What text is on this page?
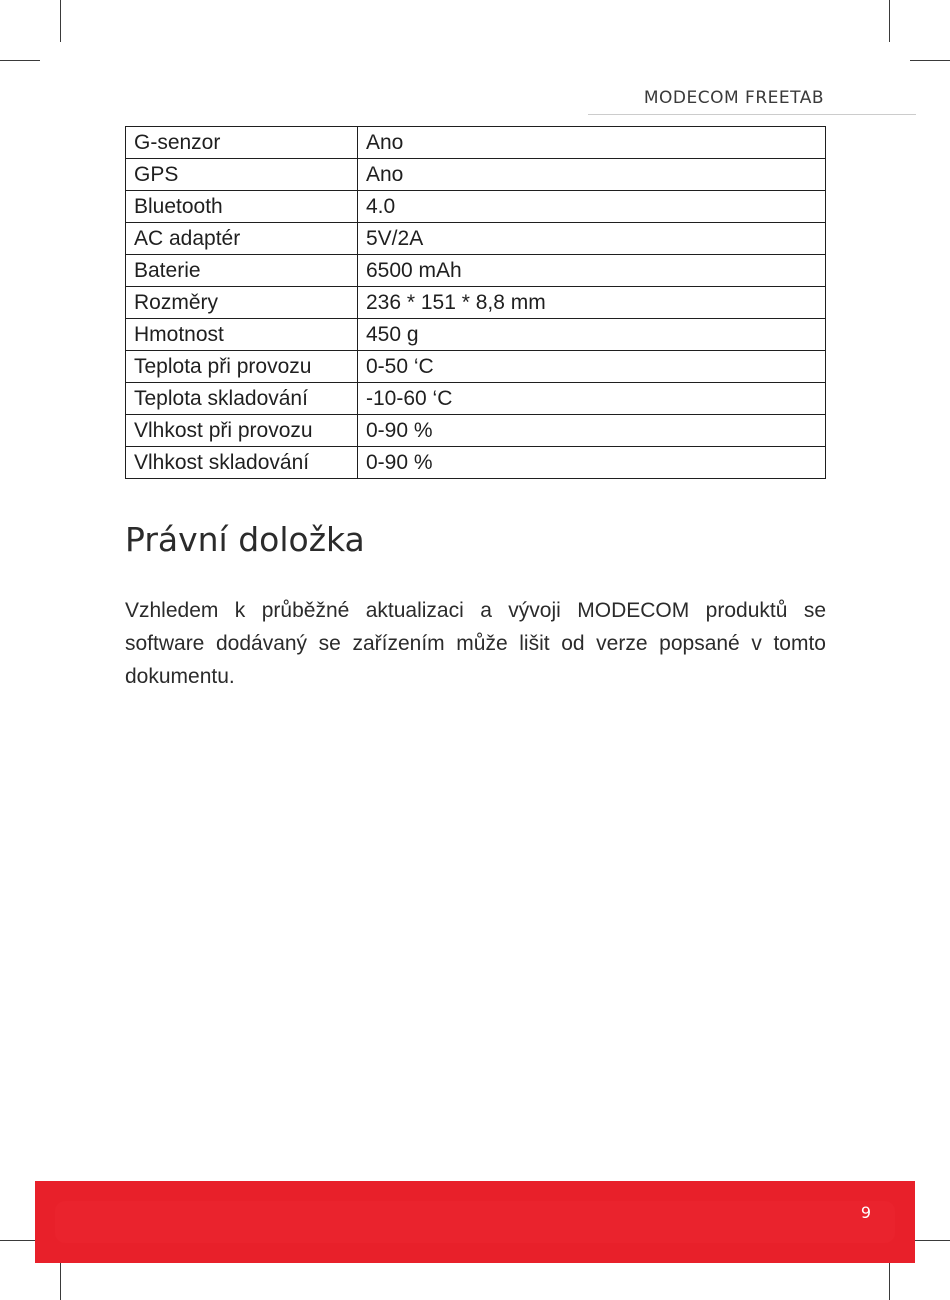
MODECOM FREETAB
G-senzor	Ano
GPS	Ano
Bluetooth	4.0
AC adaptér	5V/2A
Baterie	6500 mAh
Rozměry	236 * 151 * 8,8 mm
Hmotnost	450 g
Teplota při provozu	0-50 ‘C
Teplota skladování	-10-60 ‘C
Vlhkost při provozu	0-90 %
Vlhkost skladování	0-90 %
Právní doložka

Vzhledem k průběžné aktualizaci a vývoji MODECOM produktů se software dodávaný se zařízením může lišit od verze popsané v tomto dokumentu.

9
